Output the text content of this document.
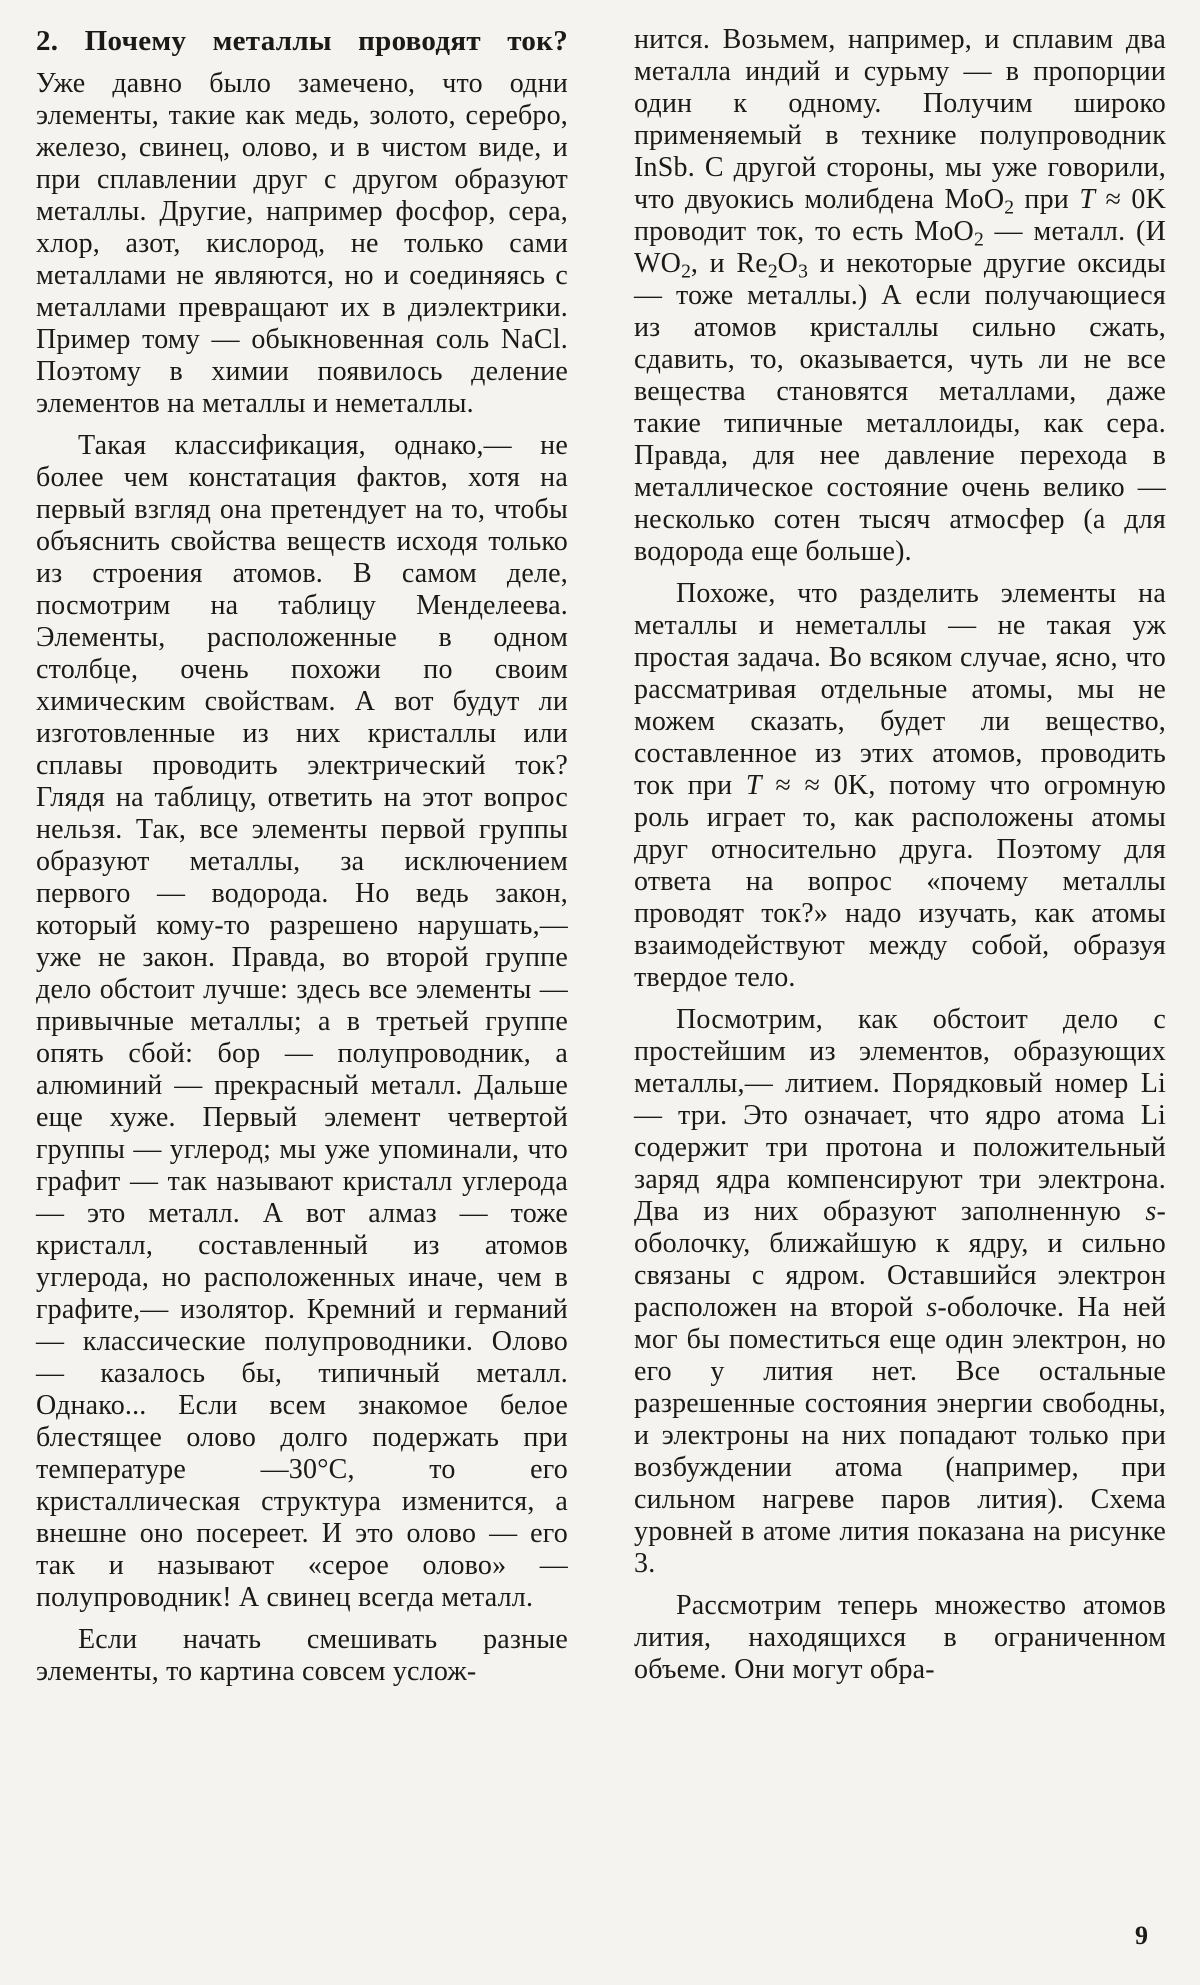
2. Почему металлы проводят ток?

Уже давно было замечено, что одни элементы, такие как медь, золото, серебро, железо, свинец, олово, и в чистом виде, и при сплавлении друг с другом образуют металлы. Другие, например фосфор, сера, хлор, азот, кислород, не только сами металлами не являются, но и соединяясь с металлами превращают их в диэлектрики. Пример тому — обыкновенная соль NaCl. Поэтому в химии появилось деление элементов на металлы и неметаллы.

Такая классификация, однако,— не более чем констатация фактов, хотя на первый взгляд она претендует на то, чтобы объяснить свойства веществ исходя только из строения атомов. В самом деле, посмотрим на таблицу Менделеева. Элементы, расположенные в одном столбце, очень похожи по своим химическим свойствам. А вот будут ли изготовленные из них кристаллы или сплавы проводить электрический ток? Глядя на таблицу, ответить на этот вопрос нельзя. Так, все элементы первой группы образуют металлы, за исключением первого — водорода. Но ведь закон, который кому-то разрешено нарушать,—уже не закон. Правда, во второй группе дело обстоит лучше: здесь все элементы — привычные металлы; а в третьей группе опять сбой: бор — полупроводник, а алюминий — прекрасный металл. Дальше еще хуже. Первый элемент четвертой группы — углерод; мы уже упоминали, что графит — так называют кристалл углерода — это металл. А вот алмаз — тоже кристалл, составленный из атомов углерода, но расположенных иначе, чем в графите,— изолятор. Кремний и германий — классические полупроводники. Олово — казалось бы, типичный металл. Однако... Если всем знакомое белое блестящее олово долго подержать при температуре —30°C, то его кристаллическая структура изменится, а внешне оно посереет. И это олово — его так и называют «серое олово» — полупроводник! А свинец всегда металл.

Если начать смешивать разные элементы, то картина совсем услож-

нится. Возьмем, например, и сплавим два металла индий и сурьму — в пропорции один к одному. Получим широко применяемый в технике полупроводник InSb. С другой стороны, мы уже говорили, что двуокись молибдена MoO$_2$ при T ≈ 0K проводит ток, то есть MoO$_2$ — металл. (И $WO_2$, и $Re_2O_3$ и некоторые другие оксиды — тоже металлы.) А если получающиеся из атомов кристаллы сильно сжать, сдавить, то, оказывается, чуть ли не все вещества становятся металлами, даже такие типичные металлоиды, как сера. Правда, для нее давление перехода в металлическое состояние очень велико — несколько сотен тысяч атмосфер (а для водорода еще больше).

Похоже, что разделить элементы на металлы и неметаллы — не такая уж простая задача. Во всяком случае, ясно, что рассматривая отдельные атомы, мы не можем сказать, будет ли вещество, составленное из этих атомов, проводить ток при T ≈ ≈ 0K, потому что огромную роль играет то, как расположены атомы друг относительно друга. Поэтому для ответа на вопрос «почему металлы проводят ток?» надо изучать, как атомы взаимодействуют между собой, образуя твердое тело.

Посмотрим, как обстоит дело с простейшим из элементов, образующих металлы,— литием. Порядковый номер Li — три. Это означает, что ядро атома Li содержит три протона и положительный заряд ядра компенсируют три электрона. Два из них образуют заполненную s-оболочку, ближайшую к ядру, и сильно связаны с ядром. Оставшийся электрон расположен на второй s-оболочке. На ней мог бы поместиться еще один электрон, но его у лития нет. Все остальные разрешенные состояния энергии свободны, и электроны на них попадают только при возбуждении атома (например, при сильном нагреве паров лития). Схема уровней в атоме лития показана на рисунке 3.

Рассмотрим теперь множество атомов лития, находящихся в ограниченном объеме. Они могут обра-

9
